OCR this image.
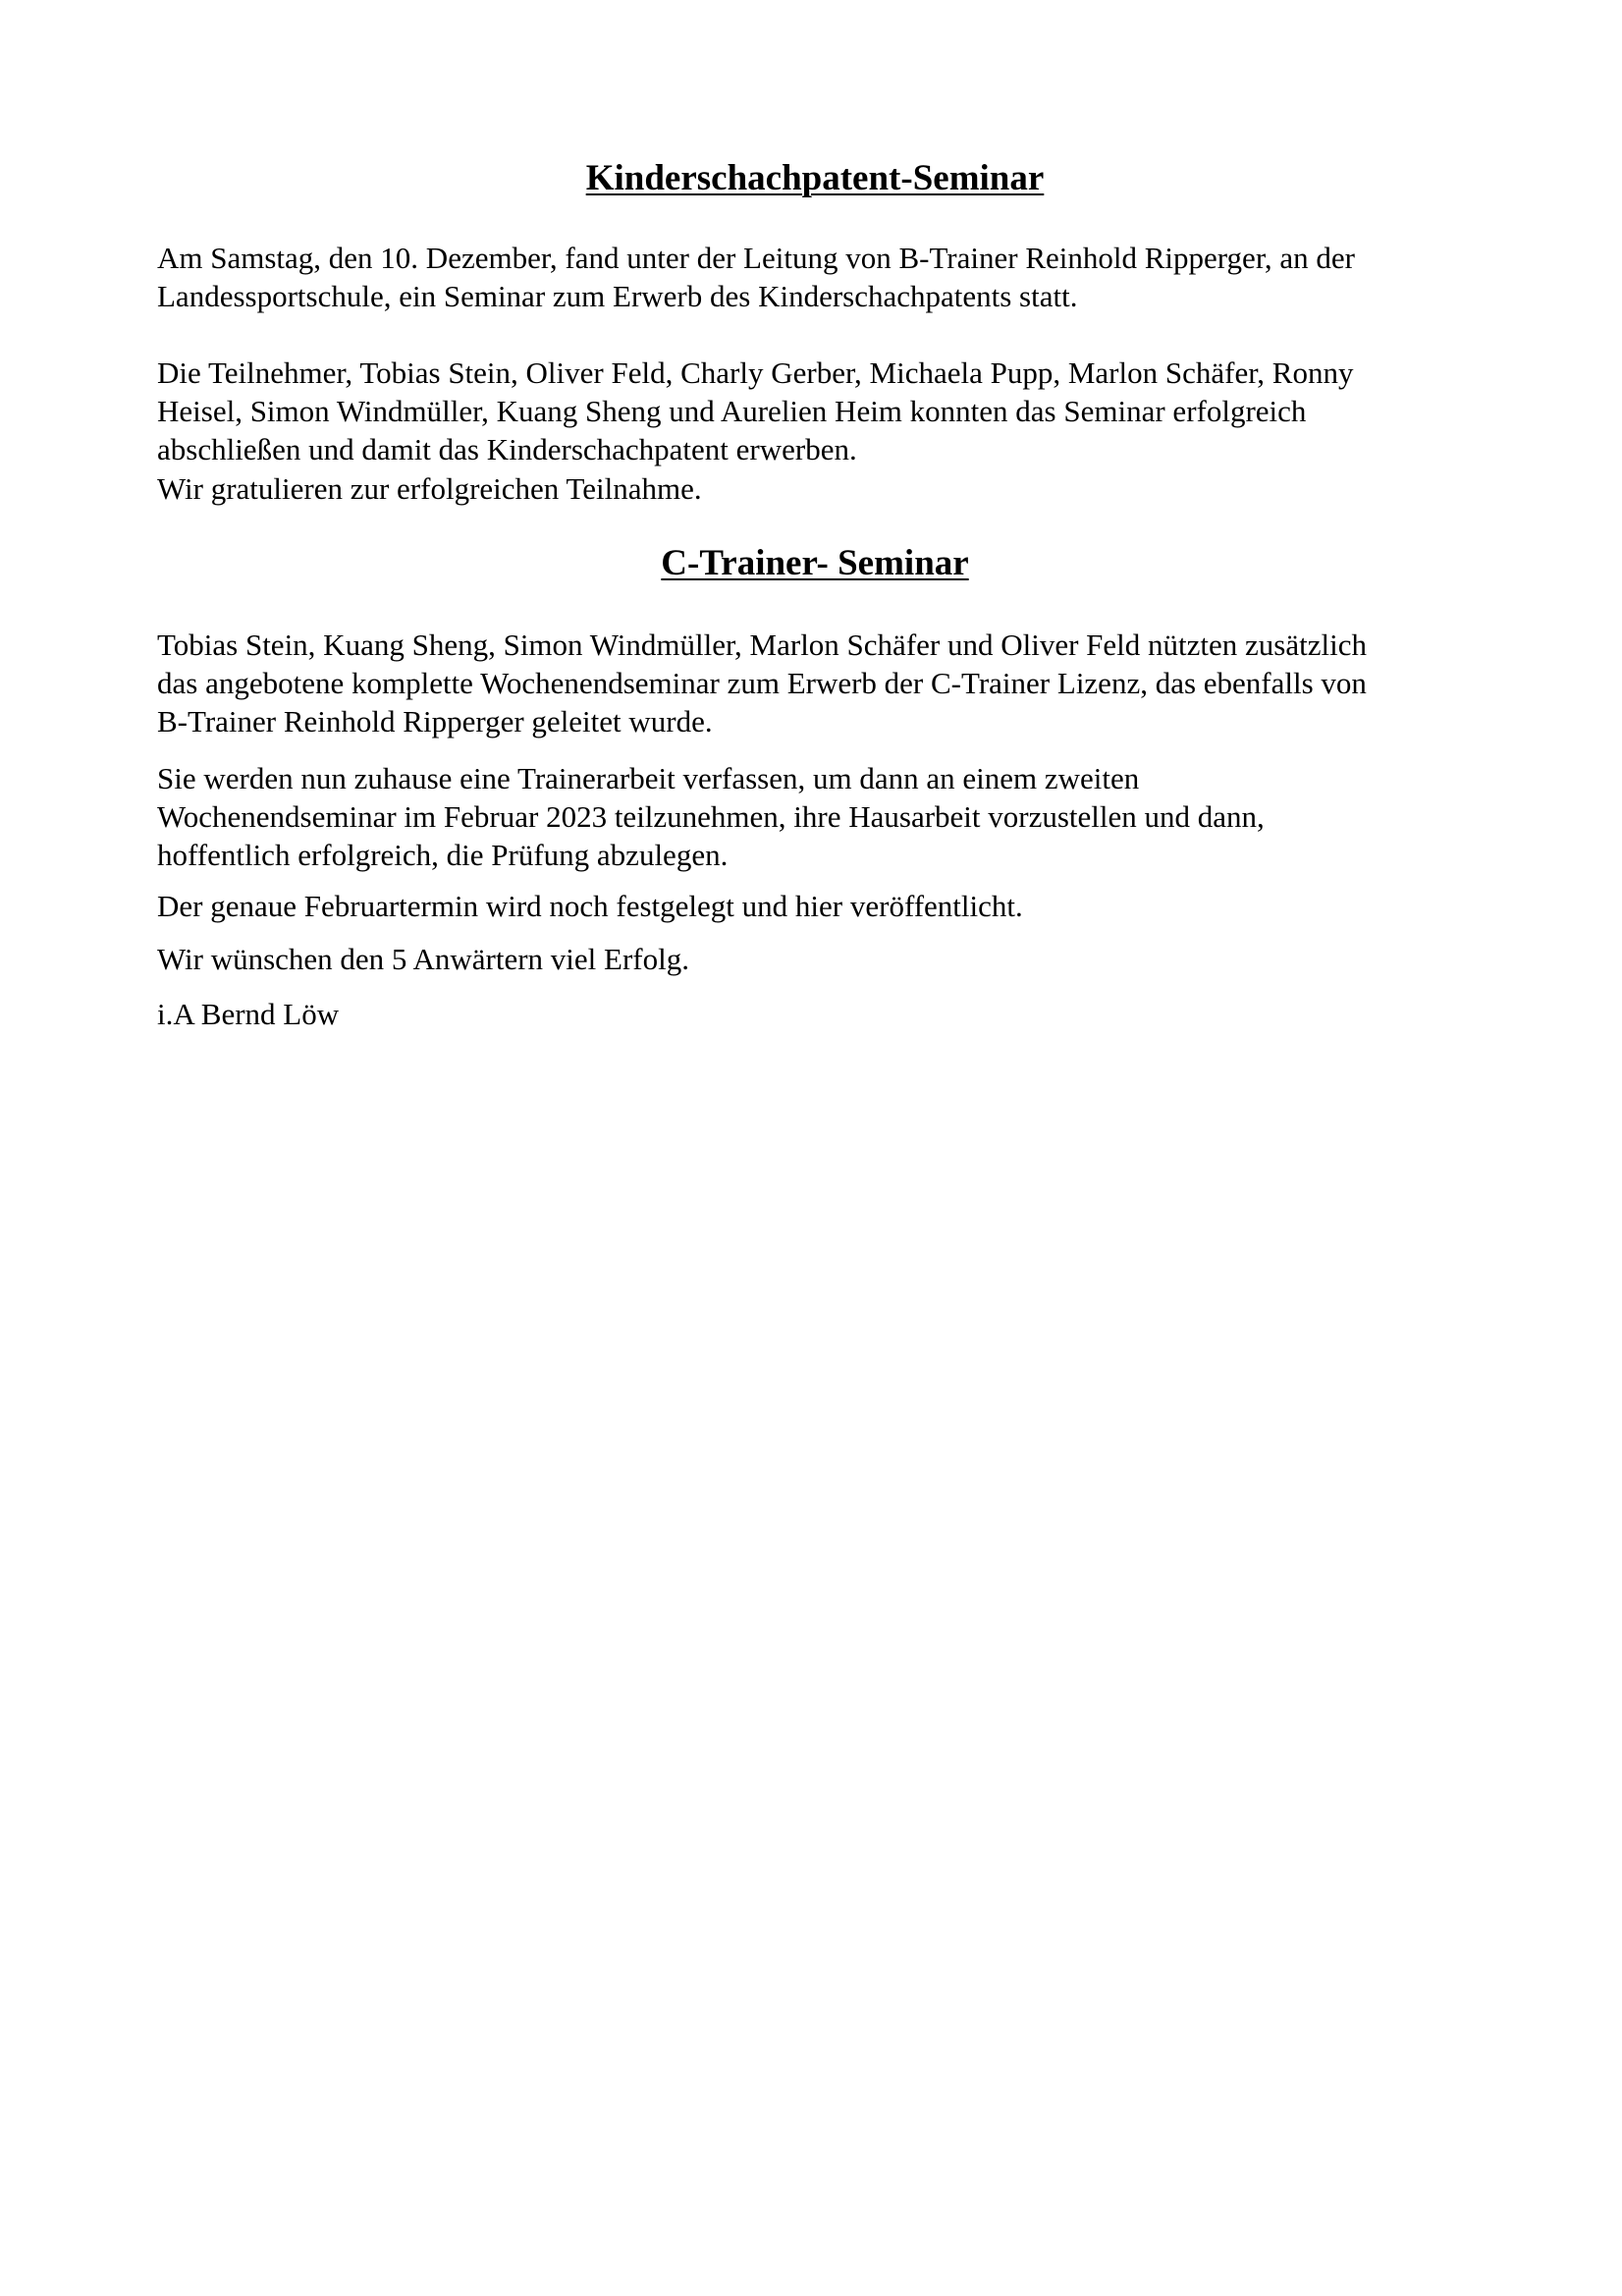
Kinderschachpatent-Seminar

Am Samstag, den 10. Dezember, fand unter der Leitung von B-Trainer Reinhold Ripperger, an der
Landessportschule, ein Seminar zum Erwerb des Kinderschachpatents statt.

Die Teilnehmer, Tobias Stein, Oliver Feld, Charly Gerber, Michaela Pupp, Marlon Schäfer, Ronny
Heisel, Simon Windmüller, Kuang Sheng und Aurelien Heim konnten das Seminar erfolgreich
abschließen und damit das Kinderschachpatent erwerben.

Wir gratulieren zur erfolgreichen Teilnahme.

C-Trainer- Seminar

Tobias Stein, Kuang Sheng, Simon Windmüller, Marlon Schäfer und Oliver Feld nützten zusätzlich
das angebotene komplette Wochenendseminar zum Erwerb der C-Trainer Lizenz, das ebenfalls von
B-Trainer Reinhold Ripperger geleitet wurde.

Sie werden nun zuhause eine Trainerarbeit verfassen, um dann an einem zweiten
Wochenendseminar im Februar 2023 teilzunehmen, ihre Hausarbeit vorzustellen und dann,
hoffentlich erfolgreich, die Prüfung abzulegen.

Der genaue Februartermin wird noch festgelegt und hier veröffentlicht.

Wir wünschen den 5 Anwärtern viel Erfolg.

i.A Bernd Löw
